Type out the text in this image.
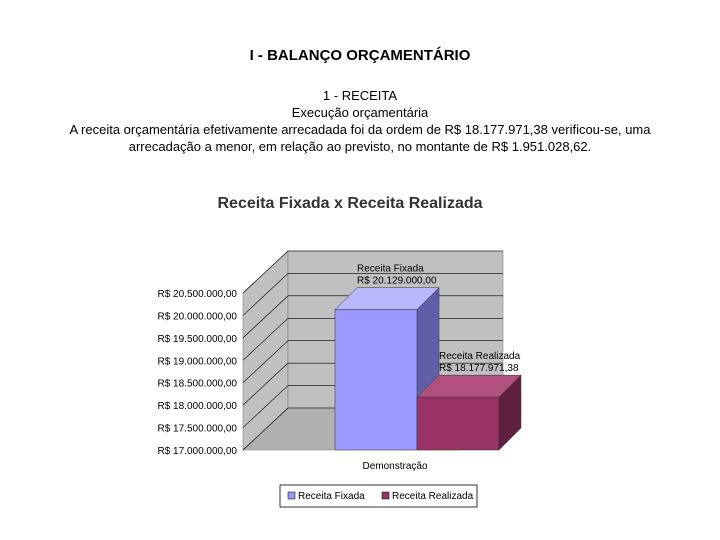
I - BALANÇO ORÇAMENTÁRIO
1 - RECEITA
Execução orçamentária
A receita orçamentária efetivamente arrecadada foi da ordem de R$ 18.177.971,38 verificou-se, uma arrecadação a menor, em relação ao previsto, no montante de R$ 1.951.028,62.
Receita Fixada x Receita Realizada
R$ 17.000.000,00
R$ 17.500.000,00
R$ 18.000.000,00
R$ 18.500.000,00
R$ 19.000.000,00
R$ 19.500.000,00
R$ 20.000.000,00
R$ 20.500.000,00
Receita Fixada
R$ 20.129.000,00
Receita Realizada
R$ 18.177.971,38
Demonstração
Receita Fixada	Receita Realizada
